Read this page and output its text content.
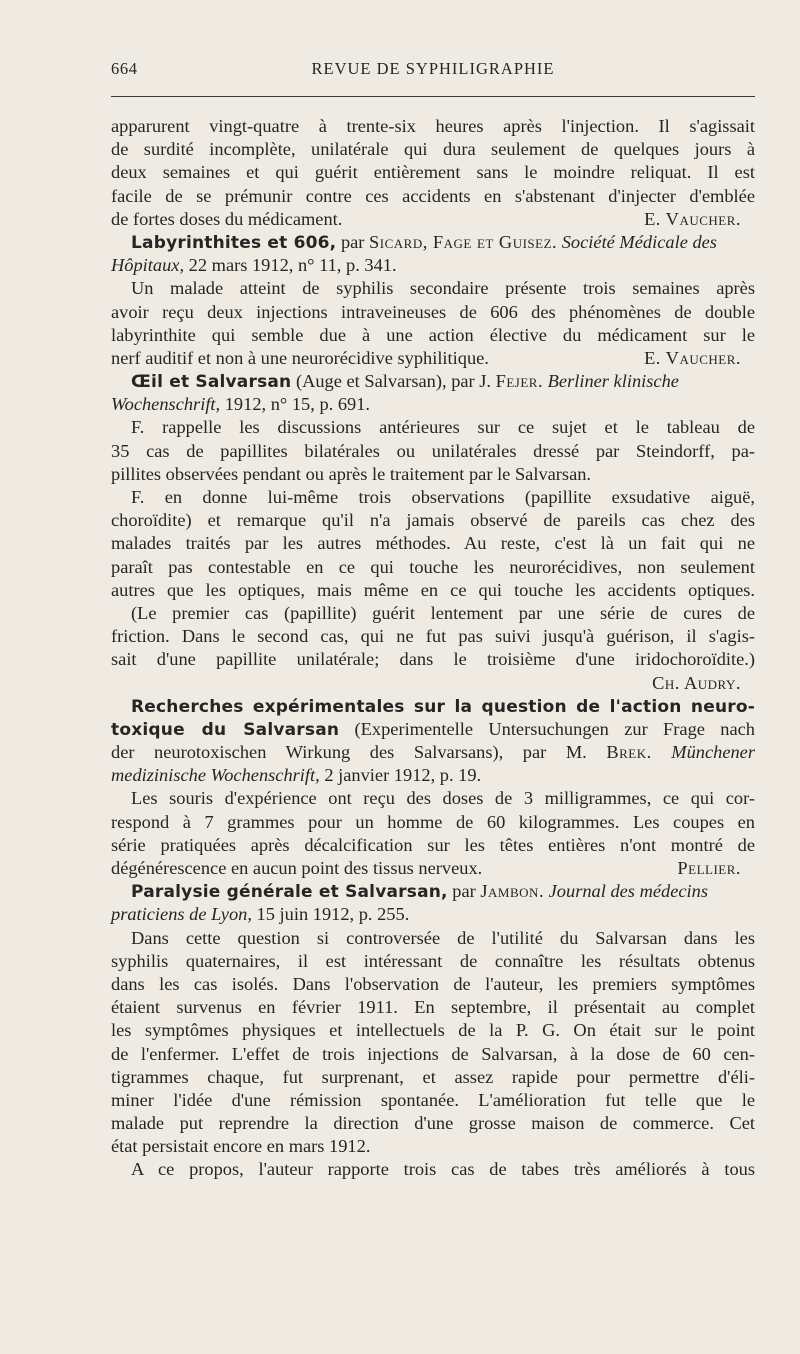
664	REVUE DE SYPHILIGRAPHIE
apparurent vingt-quatre à trente-six heures après l'injection. Il s'agissait
de surdité incomplète, unilatérale qui dura seulement de quelques jours à
deux semaines et qui guérit entièrement sans le moindre reliquat. Il est
facile de se prémunir contre ces accidents en s'abstenant d'injecter d'emblée
de fortes doses du médicament.	E. Vaucher.
Labyrinthites et 606, par Sicard, Fage et Guisez. Société Médicale des
Hôpitaux, 22 mars 1912, n° 11, p. 341.
Un malade atteint de syphilis secondaire présente trois semaines après
avoir reçu deux injections intraveineuses de 606 des phénomènes de double
labyrinthite qui semble due à une action élective du médicament sur le
nerf auditif et non à une neurorécidive syphilitique.	E. Vaucher.
Œil et Salvarsan (Auge et Salvarsan), par J. Fejer. Berliner klinische
Wochenschrift, 1912, n° 15, p. 691.
F. rappelle les discussions antérieures sur ce sujet et le tableau de
35 cas de papillites bilatérales ou unilatérales dressé par Steindorff, pa-
pillites observées pendant ou après le traitement par le Salvarsan.
F. en donne lui-même trois observations (papillite exsudative aiguë,
choroïdite) et remarque qu'il n'a jamais observé de pareils cas chez des
malades traités par les autres méthodes. Au reste, c'est là un fait qui ne
paraît pas contestable en ce qui touche les neurorécidives, non seulement
autres que les optiques, mais même en ce qui touche les accidents optiques.
(Le premier cas (papillite) guérit lentement par une série de cures de
friction. Dans le second cas, qui ne fut pas suivi jusqu'à guérison, il s'agis-
sait d'une papillite unilatérale; dans le troisième d'une iridochoroïdite.)
Ch. Audry.
Recherches expérimentales sur la question de l'action neuro-
toxique du Salvarsan (Experimentelle Untersuchungen zur Frage nach
der neurotoxischen Wirkung des Salvarsans), par M. Brek. Münchener
medizinische Wochenschrift, 2 janvier 1912, p. 19.
Les souris d'expérience ont reçu des doses de 3 milligrammes, ce qui cor-
respond à 7 grammes pour un homme de 60 kilogrammes. Les coupes en
série pratiquées après décalcification sur les têtes entières n'ont montré de
dégénérescence en aucun point des tissus nerveux.	Pellier.
Paralysie générale et Salvarsan, par Jambon. Journal des médecins
praticiens de Lyon, 15 juin 1912, p. 255.
Dans cette question si controversée de l'utilité du Salvarsan dans les
syphilis quaternaires, il est intéressant de connaître les résultats obtenus
dans les cas isolés. Dans l'observation de l'auteur, les premiers symptômes
étaient survenus en février 1911. En septembre, il présentait au complet
les symptômes physiques et intellectuels de la P. G. On était sur le point
de l'enfermer. L'effet de trois injections de Salvarsan, à la dose de 60 cen-
tigrammes chaque, fut surprenant, et assez rapide pour permettre d'éli-
miner l'idée d'une rémission spontanée. L'amélioration fut telle que le
malade put reprendre la direction d'une grosse maison de commerce. Cet
état persistait encore en mars 1912.
A ce propos, l'auteur rapporte trois cas de tabes très améliorés à tous
